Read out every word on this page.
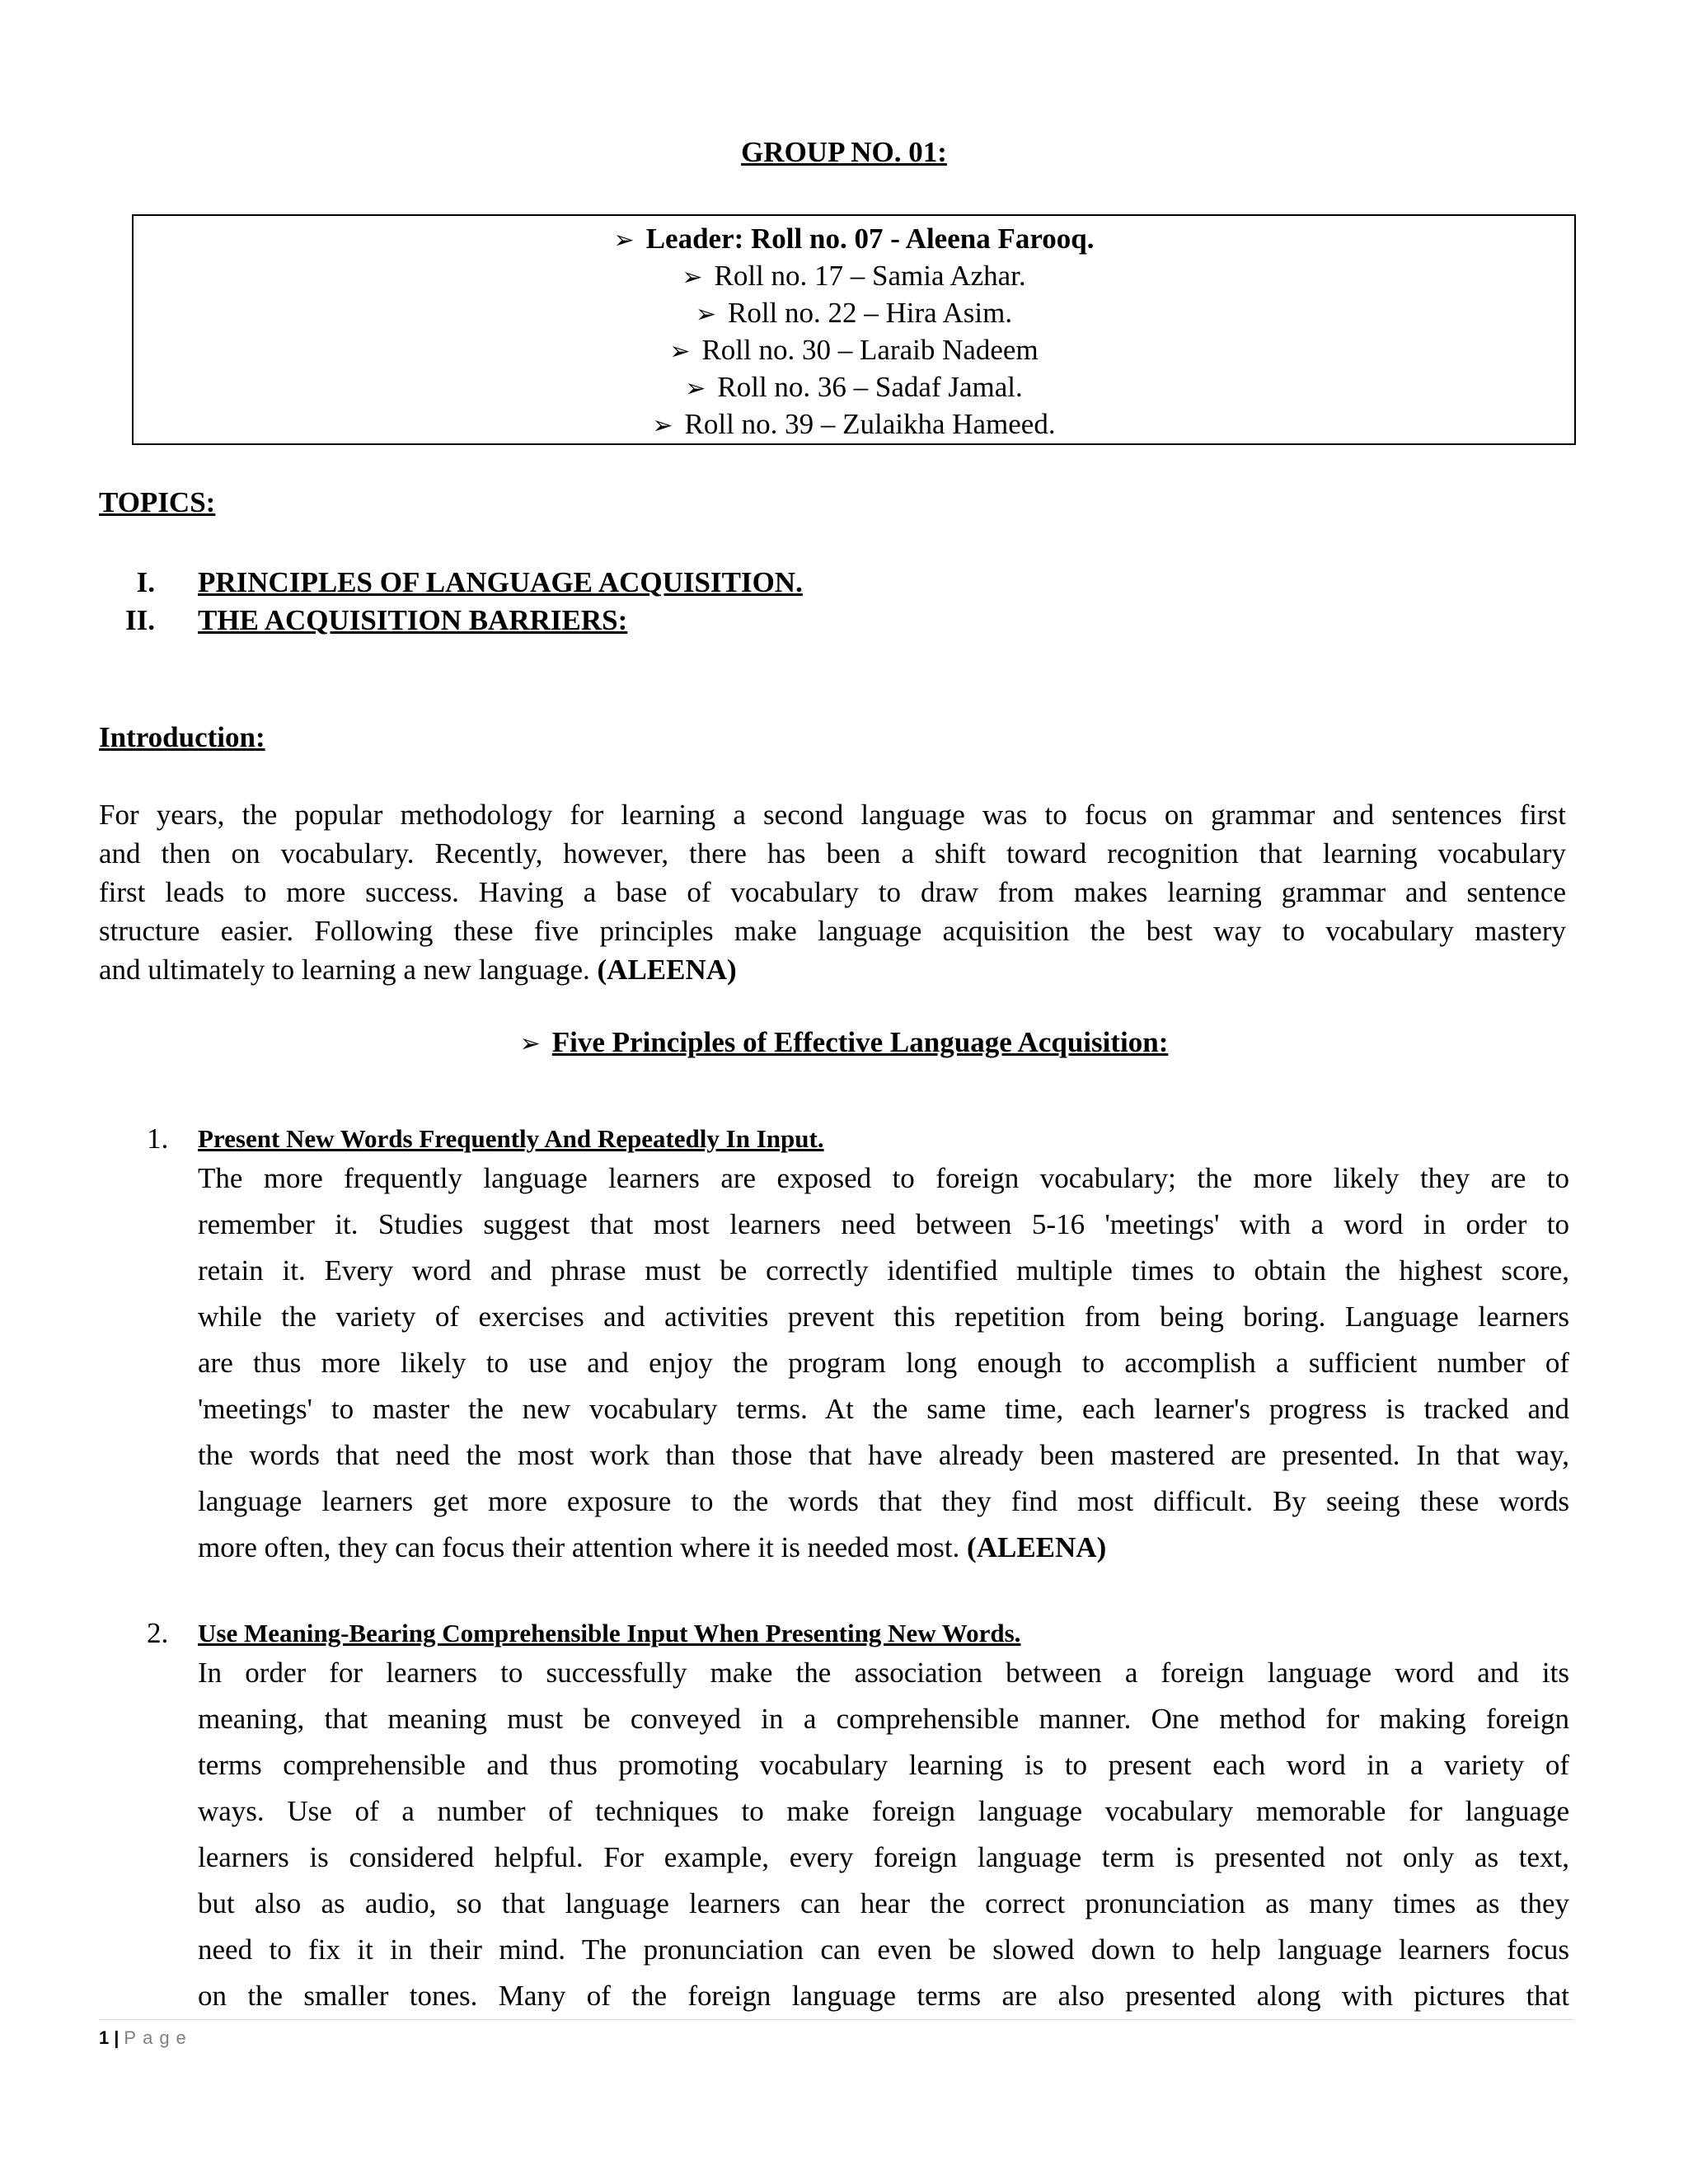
GROUP NO. 01:
➢ Leader: Roll no. 07 - Aleena Farooq.
➢ Roll no. 17 – Samia Azhar.
➢ Roll no. 22 – Hira Asim.
➢ Roll no. 30 – Laraib Nadeem
➢ Roll no. 36 – Sadaf Jamal.
➢ Roll no. 39 – Zulaikha Hameed.
TOPICS:
I. PRINCIPLES OF LANGUAGE ACQUISITION.
II. THE ACQUISITION BARRIERS:
Introduction:

For years, the popular methodology for learning a second language was to focus on grammar and sentences first

and then on vocabulary. Recently, however, there has been a shift toward recognition that learning vocabulary

first leads to more success. Having a base of vocabulary to draw from makes learning grammar and sentence

structure easier. Following these five principles make language acquisition the best way to vocabulary mastery

and ultimately to learning a new language. (ALEENA)

➢ Five Principles of Effective Language Acquisition:
1. Present New Words Frequently And Repeatedly In Input.

The more frequently language learners are exposed to foreign vocabulary; the more likely they are to

remember it. Studies suggest that most learners need between 5-16 'meetings' with a word in order to

retain it. Every word and phrase must be correctly identified multiple times to obtain the highest score,

while the variety of exercises and activities prevent this repetition from being boring. Language learners

are thus more likely to use and enjoy the program long enough to accomplish a sufficient number of

'meetings' to master the new vocabulary terms. At the same time, each learner's progress is tracked and

the words that need the most work than those that have already been mastered are presented. In that way,

language learners get more exposure to the words that they find most difficult. By seeing these words

more often, they can focus their attention where it is needed most. (ALEENA)

2. Use Meaning-Bearing Comprehensible Input When Presenting New Words.

In order for learners to successfully make the association between a foreign language word and its

meaning, that meaning must be conveyed in a comprehensible manner. One method for making foreign

terms comprehensible and thus promoting vocabulary learning is to present each word in a variety of

ways. Use of a number of techniques to make foreign language vocabulary memorable for language

learners is considered helpful. For example, every foreign language term is presented not only as text,

but also as audio, so that language learners can hear the correct pronunciation as many times as they

need to fix it in their mind. The pronunciation can even be slowed down to help language learners focus

on the smaller tones. Many of the foreign language terms are also presented along with pictures that

1 | Page
